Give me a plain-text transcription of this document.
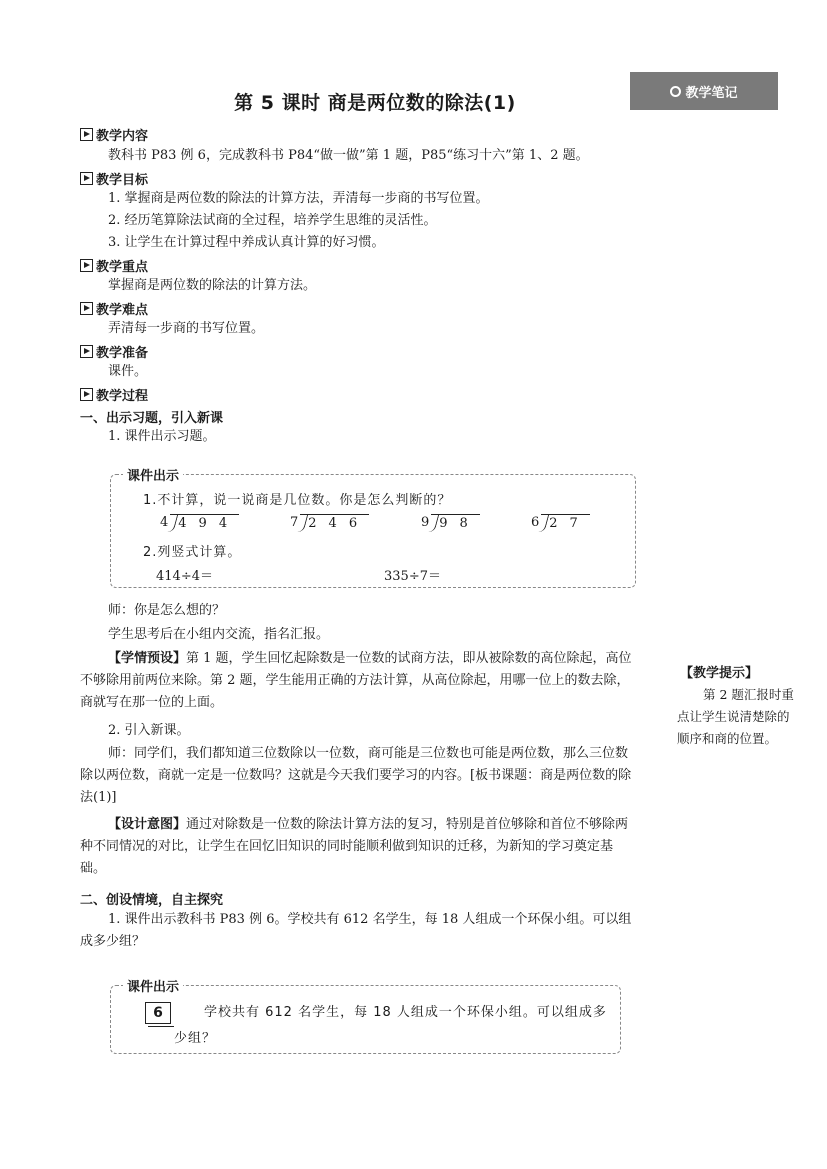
第 5 课时 商是两位数的除法(1)	教学笔记
教学内容
教科书 P83 例 6，完成教科书 P84“做一做”第 1 题，P85“练习十六”第 1、2 题。
教学目标
1. 掌握商是两位数的除法的计算方法，弄清每一步商的书写位置。
2. 经历笔算除法试商的全过程，培养学生思维的灵活性。
3. 让学生在计算过程中养成认真计算的好习惯。
教学重点
掌握商是两位数的除法的计算方法。
教学难点
弄清每一步商的书写位置。
教学准备
课件。
教学过程
一、出示习题，引入新课
1. 课件出示习题。
课件出示
1.不计算，说一说商是几位数。你是怎么判断的？
4 494	7 246	9 98	6 27
2.列竖式计算。
414÷4＝	335÷7＝
师：你是怎么想的？
学生思考后在小组内交流，指名汇报。
【学情预设】第 1 题，学生回忆起除数是一位数的试商方法，即从被除数的高位除起，高位不够除用前两位来除。第 2 题，学生能用正确的方法计算，从高位除起，用哪一位上的数去除，商就写在那一位的上面。
2. 引入新课。
师：同学们，我们都知道三位数除以一位数，商可能是三位数也可能是两位数，那么三位数除以两位数，商就一定是一位数吗？这就是今天我们要学习的内容。[板书课题：商是两位数的除法(1)]
【设计意图】通过对除数是一位数的除法计算方法的复习，特别是首位够除和首位不够除两种不同情况的对比，让学生在回忆旧知识的同时能顺利做到知识的迁移，为新知的学习奠定基础。
二、创设情境，自主探究
1. 课件出示教科书 P83 例 6。学校共有 612 名学生，每 18 人组成一个环保小组。可以组成多少组？
课件出示
6	学校共有 612 名学生，每 18 人组成一个环保小组。可以组成多少组？
【教学提示】
第 2 题汇报时重点让学生说清楚除的顺序和商的位置。
